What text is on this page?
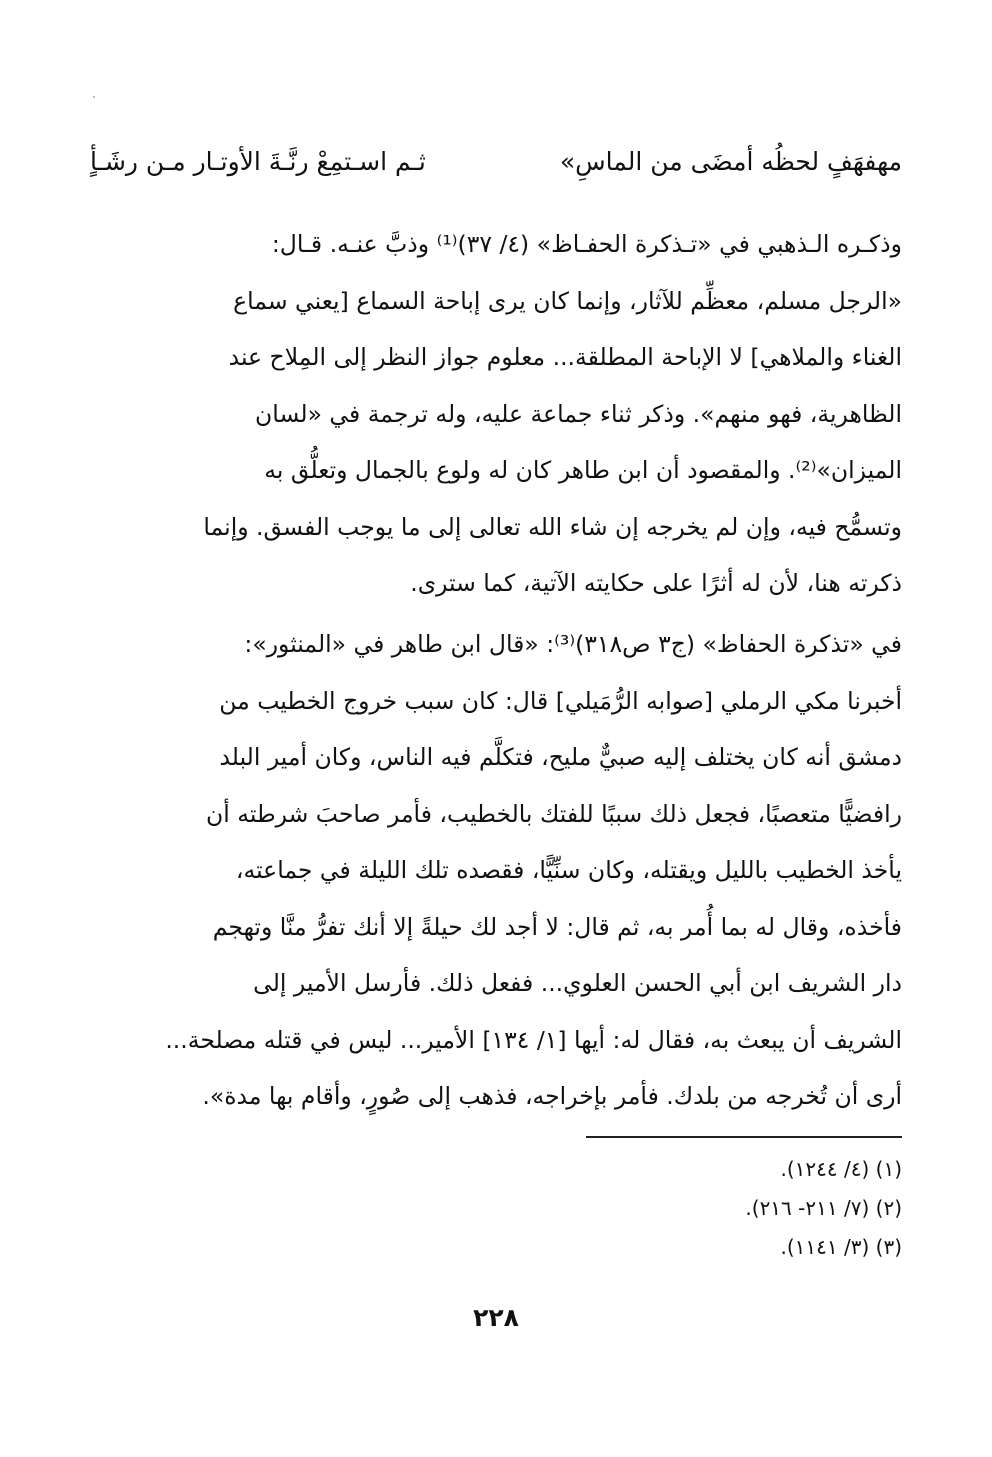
ثـم اسـتمِعْ رنَّـةَ الأوتـار مـن رشَـأٍ	مهفهَفٍ لحظُه أمضَى من الماسِ»
وذكـره الـذهبي في «تـذكرة الحفـاظ» (٤/ ٣٧)⁽¹⁾ وذبَّ عنـه. قـال:
«الرجل مسلم، معظِّم للآثار، وإنما كان يرى إباحة السماع [يعني سماع
الغناء والملاهي] لا الإباحة المطلقة... معلوم جواز النظر إلى المِلاح عند
الظاهرية، فهو منهم». وذكر ثناء جماعة عليه، وله ترجمة في «لسان
الميزان»⁽²⁾. والمقصود أن ابن طاهر كان له ولوع بالجمال وتعلُّق به
وتسمُّح فيه، وإن لم يخرجه إن شاء الله تعالى إلى ما يوجب الفسق. وإنما
ذكرته هنا، لأن له أثرًا على حكايته الآتية، كما سترى.
في «تذكرة الحفاظ» (ج٣ ص٣١٨)⁽³⁾: «قال ابن طاهر في «المنثور»:
أخبرنا مكي الرملي [صوابه الرُّمَيلي] قال: كان سبب خروج الخطيب من
دمشق أنه كان يختلف إليه صبيٌّ مليح، فتكلَّم فيه الناس، وكان أمير البلد
رافضيًّا متعصبًا، فجعل ذلك سببًا للفتك بالخطيب، فأمر صاحبَ شرطته أن
يأخذ الخطيب بالليل ويقتله، وكان سنِّيًّا، فقصده تلك الليلة في جماعته،
فأخذه، وقال له بما أُمر به، ثم قال: لا أجد لك حيلةً إلا أنك تفرُّ منَّا وتهجم
دار الشريف ابن أبي الحسن العلوي... ففعل ذلك. فأرسل الأمير إلى
الشريف أن يبعث به، فقال له: أيها [١/ ١٣٤] الأمير... ليس في قتله مصلحة...
أرى أن تُخرجه من بلدك. فأمر بإخراجه، فذهب إلى صُورٍ، وأقام بها مدة».
(١) (٤/ ١٢٤٤).
(٢) (٧/ ٢١١- ٢١٦).
(٣) (٣/ ١١٤١).
٢٢٨
